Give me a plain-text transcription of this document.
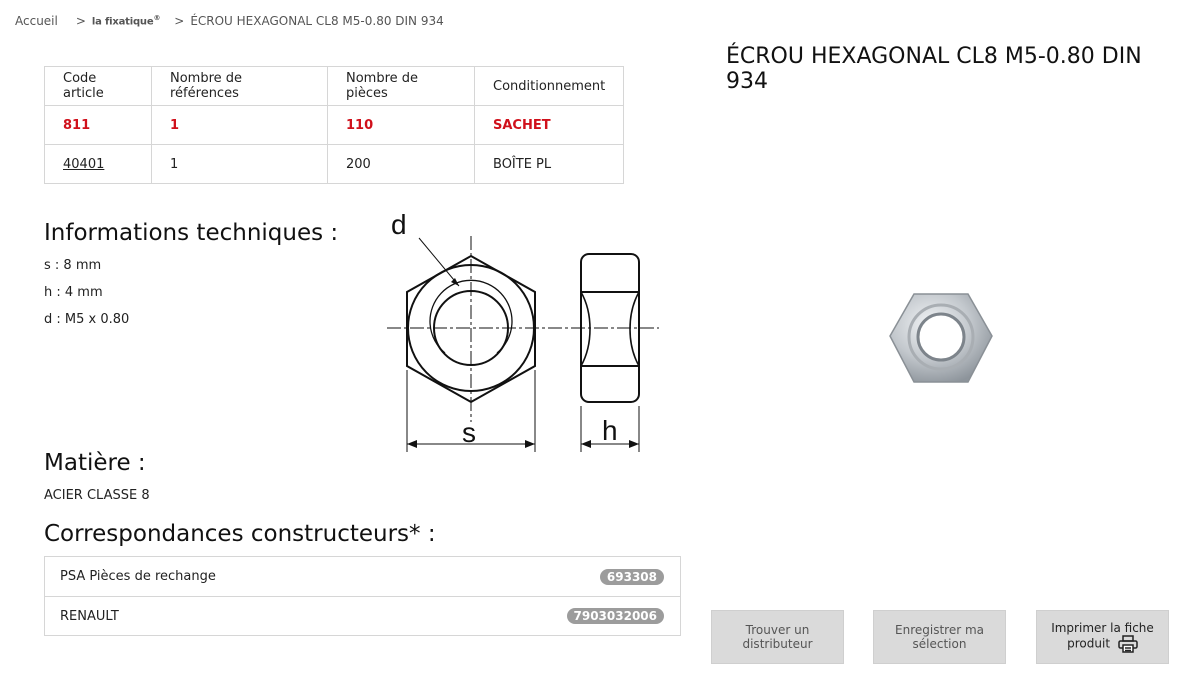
Accueil > la fixatique® > ÉCROU HEXAGONAL CL8 M5-0.80 DIN 934
Code article	Nombre de références	Nombre de pièces	Conditionnement
811	1	110	SACHET
40401	1	200	BOÎTE PL
Informations techniques :
s : 8 mm
h : 4 mm
d : M5 x 0.80
d
s	h
Matière :
ACIER CLASSE 8
Correspondances constructeurs* :
PSA Pièces de rechange	693308
RENAULT	7903032006
ÉCROU HEXAGONAL CL8 M5-0.80 DIN 934
Trouver un
distributeur
Enregistrer ma
sélection
Imprimer la fiche
produit
